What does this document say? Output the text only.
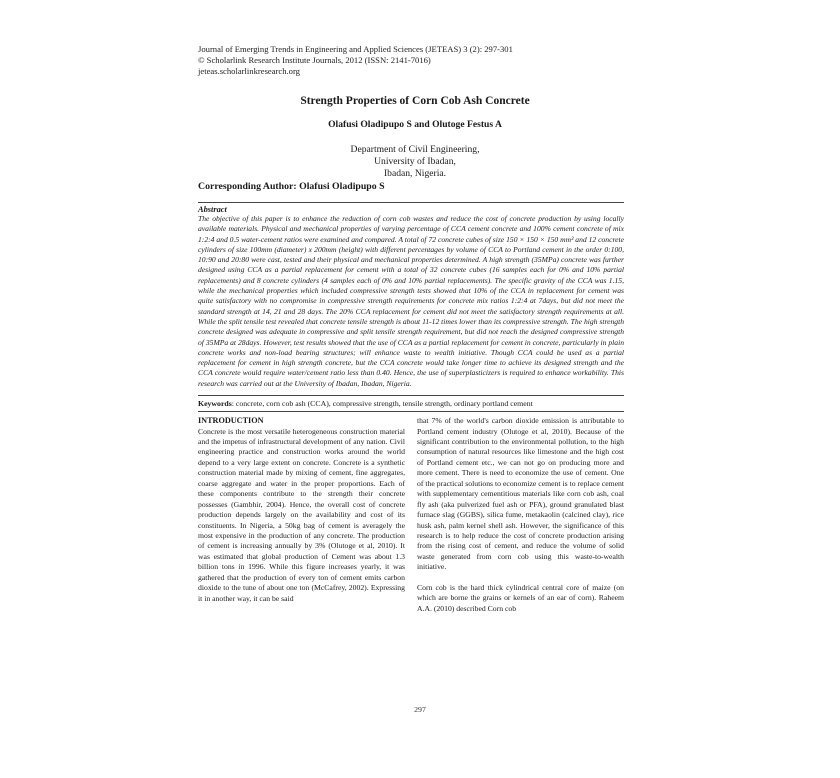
Journal of Emerging Trends in Engineering and Applied Sciences (JETEAS) 3 (2): 297-301
© Scholarlink Research Institute Journals, 2012 (ISSN: 2141-7016)
jeteas.scholarlinkresearch.org
Strength Properties of Corn Cob Ash Concrete
Olafusi Oladipupo S and Olutoge Festus A
Department of Civil Engineering,
University of Ibadan,
Ibadan, Nigeria.
Corresponding Author: Olafusi Oladipupo S
Abstract
The objective of this paper is to enhance the reduction of corn cob wastes and reduce the cost of concrete production by using locally available materials. Physical and mechanical properties of varying percentage of CCA cement concrete and 100% cement concrete of mix 1:2:4 and 0.5 water-cement ratios were examined and compared. A total of 72 concrete cubes of size 150 × 150 × 150 mm³ and 12 concrete cylinders of size 100mm (diameter) x 200mm (height) with different percentages by volume of CCA to Portland cement in the order 0:100, 10:90 and 20:80 were cast, tested and their physical and mechanical properties determined. A high strength (35MPa) concrete was further designed using CCA as a partial replacement for cement with a total of 32 concrete cubes (16 samples each for 0% and 10% partial replacements) and 8 concrete cylinders (4 samples each of 0% and 10% partial replacements). The specific gravity of the CCA was 1.15, while the mechanical properties which included compressive strength tests showed that 10% of the CCA in replacement for cement was quite satisfactory with no compromise in compressive strength requirements for concrete mix ratios 1:2:4 at 7days, but did not meet the standard strength at 14, 21 and 28 days. The 20% CCA replacement for cement did not meet the satisfactory strength requirements at all. While the split tensile test revealed that concrete tensile strength is about 11-12 times lower than its compressive strength. The high strength concrete designed was adequate in compressive and split tensile strength requirement, but did not reach the designed compressive strength of 35MPa at 28days. However, test results showed that the use of CCA as a partial replacement for cement in concrete, particularly in plain concrete works and non-load bearing structures; will enhance waste to wealth initiative. Though CCA could be used as a partial replacement for cement in high strength concrete, but the CCA concrete would take longer time to achieve its designed strength and the CCA concrete would require water/cement ratio less than 0.40. Hence, the use of superplasticizers is required to enhance workability. This research was carried out at the University of Ibadan, Ibadan, Nigeria.
Keywords: concrete, corn cob ash (CCA), compressive strength, tensile strength, ordinary portland cement
INTRODUCTION
Concrete is the most versatile heterogeneous construction material and the impetus of infrastructural development of any nation. Civil engineering practice and construction works around the world depend to a very large extent on concrete. Concrete is a synthetic construction material made by mixing of cement, fine aggregates, coarse aggregate and water in the proper proportions. Each of these components contribute to the strength their concrete possesses (Gambhir, 2004). Hence, the overall cost of concrete production depends largely on the availability and cost of its constituents. In Nigeria, a 50kg bag of cement is averagely the most expensive in the production of any concrete. The production of cement is increasing annually by 3% (Olutoge et al, 2010). It was estimated that global production of Cement was about 1.3 billion tons in 1996. While this figure increases yearly, it was gathered that the production of every ton of cement emits carbon dioxide to the tune of about one ton (McCafrey, 2002). Expressing it in another way, it can be said
that 7% of the world's carbon dioxide emission is attributable to Portland cement industry (Olutoge et al, 2010). Because of the significant contribution to the environmental pollution, to the high consumption of natural resources like limestone and the high cost of Portland cement etc., we can not go on producing more and more cement. There is need to economize the use of cement. One of the practical solutions to economize cement is to replace cement with supplementary cementitious materials like corn cob ash, coal fly ash (aka pulverized fuel ash or PFA), ground granulated blast furnace slag (GGBS), silica fume, metakaolin (calcined clay), rice husk ash, palm kernel shell ash. However, the significance of this research is to help reduce the cost of concrete production arising from the rising cost of cement, and reduce the volume of solid waste generated from corn cob using this waste-to-wealth initiative.
Corn cob is the hard thick cylindrical central core of maize (on which are borne the grains or kernels of an ear of corn). Raheem A.A. (2010) described Corn cob
297
